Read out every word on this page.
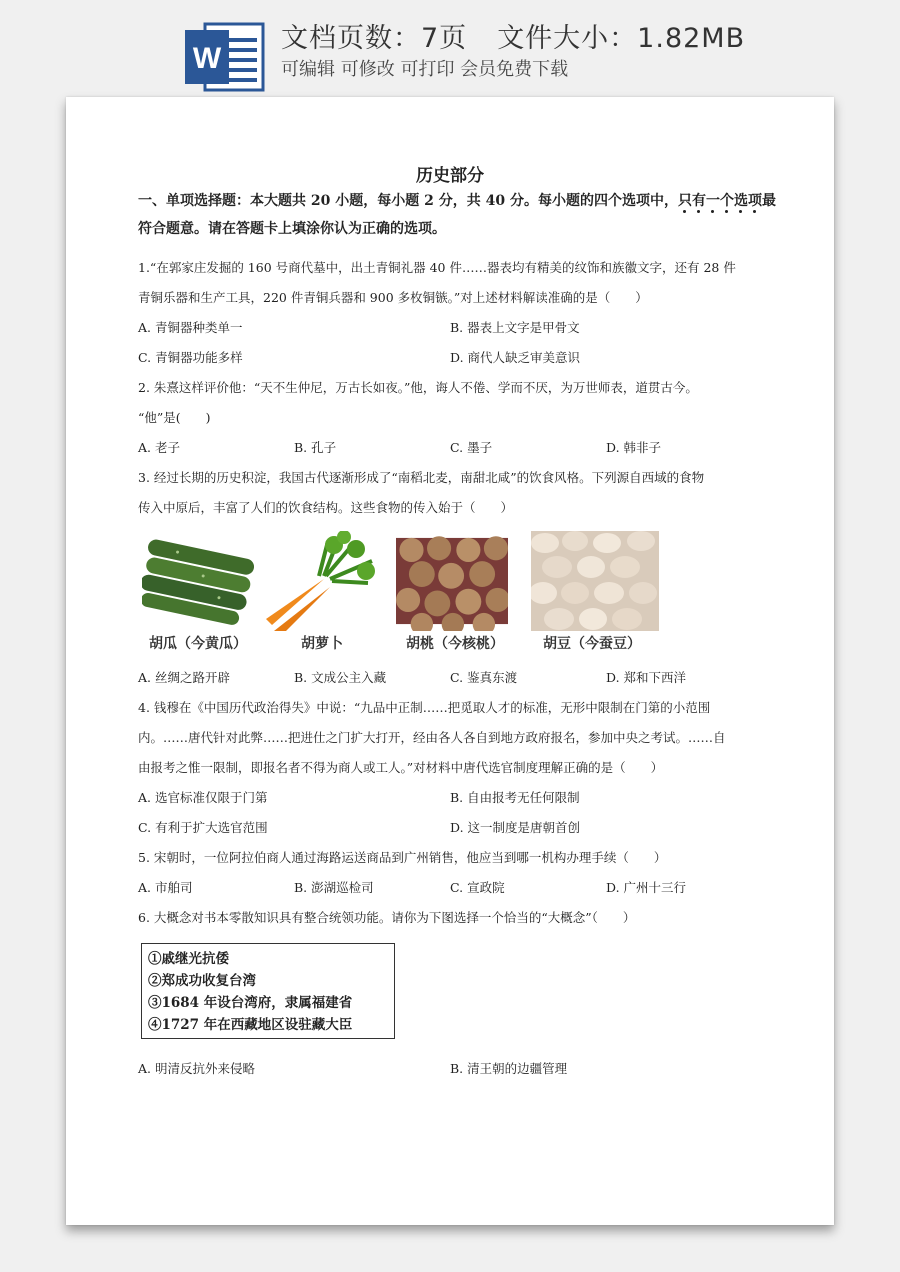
W
文档页数：7页 文件大小：1.82MB
可编辑 可修改 可打印 会员免费下载
历史部分
一、单项选择题：本大题共 20 小题，每小题 2 分，共 40 分。每小题的四个选项中，只有一个选项最符合题意。请在答题卡上填涂你认为正确的选项。
1.“在郭家庄发掘的 160 号商代墓中，出土青铜礼器 40 件……器表均有精美的纹饰和族徽文字，还有 28 件
青铜乐器和生产工具，220 件青铜兵器和 900 多枚铜镞。”对上述材料解读准确的是（　　）
A. 青铜器种类单一	B. 器表上文字是甲骨文
C. 青铜器功能多样	D. 商代人缺乏审美意识
2. 朱熹这样评价他：“天不生仲尼，万古长如夜。”他，诲人不倦、学而不厌，为万世师表，道贯古今。
“他”是(　　)
A. 老子	B. 孔子	C. 墨子	D. 韩非子
3. 经过长期的历史积淀，我国古代逐渐形成了“南稻北麦，南甜北咸”的饮食风格。下列源自西域的食物
传入中原后，丰富了人们的饮食结构。这些食物的传入始于（　　）
胡瓜（今黄瓜）	胡萝卜	胡桃（今核桃）	胡豆（今蚕豆）
A. 丝绸之路开辟	B. 文成公主入藏	C. 鉴真东渡	D. 郑和下西洋
4. 钱穆在《中国历代政治得失》中说：“九品中正制……把觅取人才的标准，无形中限制在门第的小范围
内。……唐代针对此弊……把进仕之门扩大打开，经由各人各自到地方政府报名，参加中央之考试。……自
由报考之惟一限制，即报名者不得为商人或工人。”对材料中唐代选官制度理解正确的是（　　）
A. 选官标准仅限于门第	B. 自由报考无任何限制
C. 有利于扩大选官范围	D. 这一制度是唐朝首创
5. 宋朝时，一位阿拉伯商人通过海路运送商品到广州销售，他应当到哪一机构办理手续（　　）
A. 市舶司	B. 澎湖巡检司	C. 宣政院	D. 广州十三行
6. 大概念对书本零散知识具有整合统领功能。请你为下图选择一个恰当的“大概念”（　　）
①戚继光抗倭
②郑成功收复台湾
③1684 年设台湾府，隶属福建省
④1727 年在西藏地区设驻藏大臣
A. 明清反抗外来侵略	B. 清王朝的边疆管理
